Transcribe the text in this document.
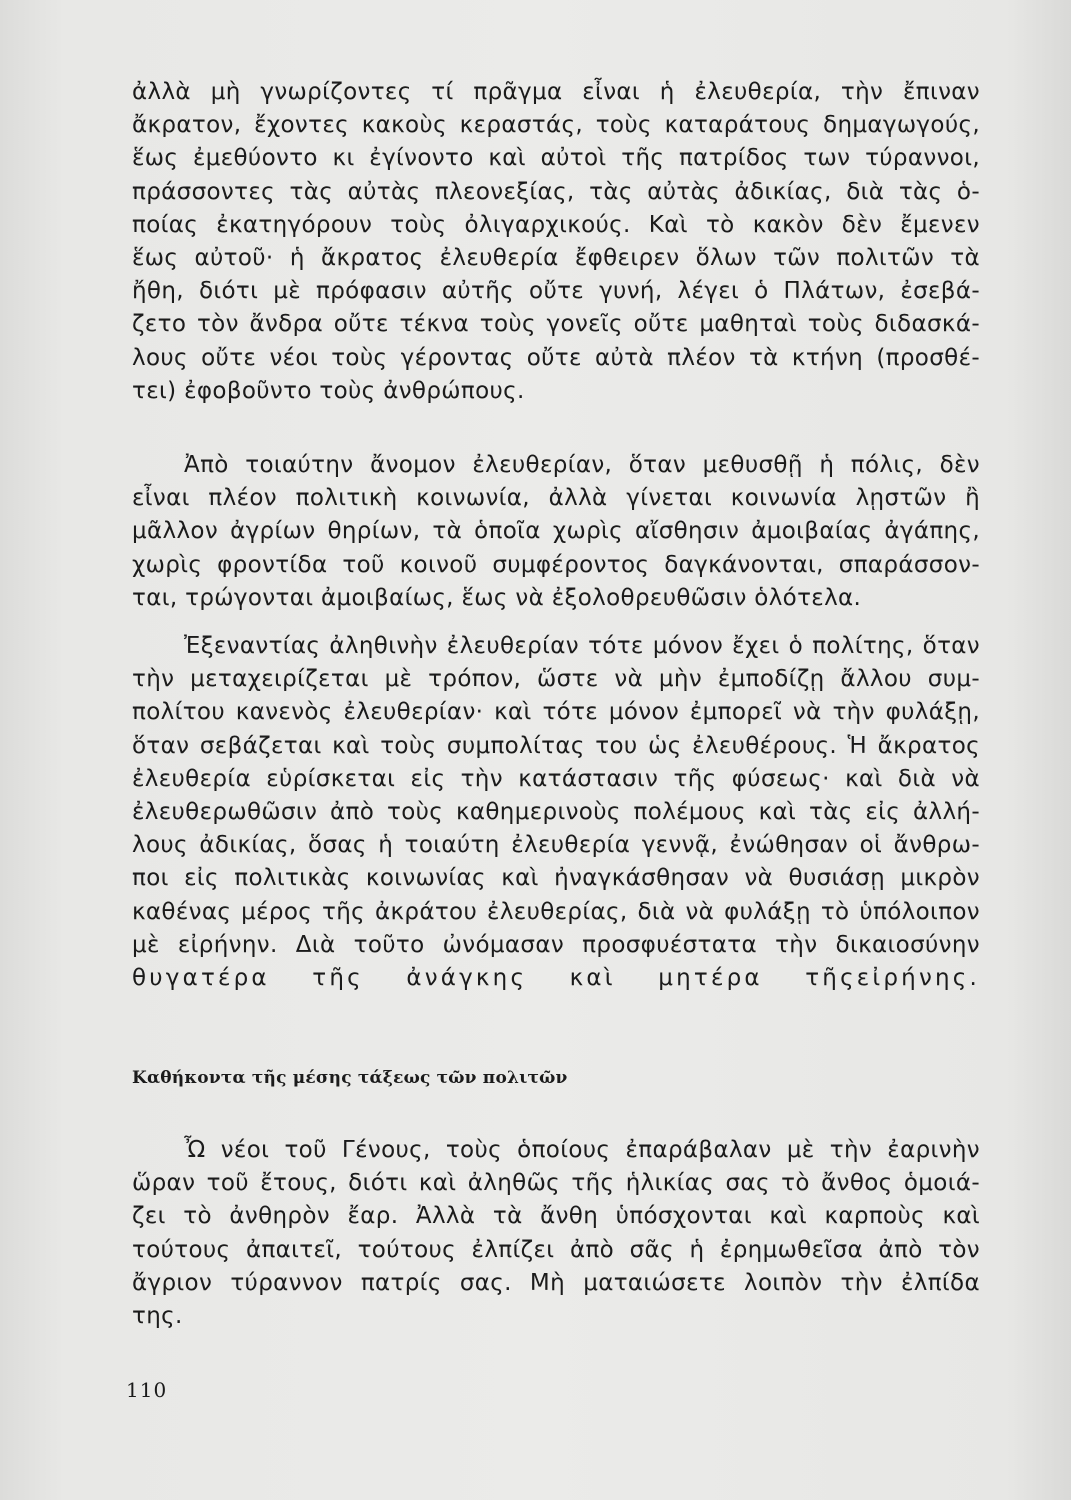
ἀλλὰ μὴ γνωρίζοντες τί πρᾶγμα εἶναι ἡ ἐλευθερία, τὴν ἔπιναν
ἄκρατον, ἔχοντες κακοὺς κεραστάς, τοὺς καταράτους δημαγωγούς,
ἕως ἐμεθύοντο κι ἐγίνοντο καὶ αὐτοὶ τῆς πατρίδος των τύραννοι,
πράσσοντες τὰς αὐτὰς πλεονεξίας, τὰς αὐτὰς ἀδικίας, διὰ τὰς ὁ-
ποίας ἐκατηγόρουν τοὺς ὀλιγαρχικούς. Καὶ τὸ κακὸν δὲν ἔμενεν
ἕως αὐτοῦ· ἡ ἄκρατος ἐλευθερία ἔφθειρεν ὅλων τῶν πολιτῶν τὰ
ἤθη, διότι μὲ πρόφασιν αὐτῆς οὔτε γυνή, λέγει ὁ Πλάτων, ἐσεβά-
ζετο τὸν ἄνδρα οὔτε τέκνα τοὺς γονεῖς οὔτε μαθηταὶ τοὺς διδασκά-
λους οὔτε νέοι τοὺς γέροντας οὔτε αὐτὰ πλέον τὰ κτήνη (προσθέ-
τει) ἐφοβοῦντο τοὺς ἀνθρώπους.
Ἀπὸ τοιαύτην ἄνομον ἐλευθερίαν, ὅταν μεθυσθῇ ἡ πόλις, δὲν
εἶναι πλέον πολιτικὴ κοινωνία, ἀλλὰ γίνεται κοινωνία λῃστῶν ἢ
μᾶλλον ἀγρίων θηρίων, τὰ ὁποῖα χωρὶς αἴσθησιν ἀμοιβαίας ἀγάπης,
χωρὶς φροντίδα τοῦ κοινοῦ συμφέροντος δαγκάνονται, σπαράσσον-
ται, τρώγονται ἀμοιβαίως, ἕως νὰ ἐξολοθρευθῶσιν ὁλότελα.
Ἐξεναντίας ἀληθινὴν ἐλευθερίαν τότε μόνον ἔχει ὁ πολίτης, ὅταν
τὴν μεταχειρίζεται μὲ τρόπον, ὥστε νὰ μὴν ἐμποδίζῃ ἄλλου συμ-
πολίτου κανενὸς ἐλευθερίαν· καὶ τότε μόνον ἐμπορεῖ νὰ τὴν φυλάξῃ,
ὅταν σεβάζεται καὶ τοὺς συμπολίτας του ὡς ἐλευθέρους. Ἡ ἄκρατος
ἐλευθερία εὑρίσκεται εἰς τὴν κατάστασιν τῆς φύσεως· καὶ διὰ νὰ
ἐλευθερωθῶσιν ἀπὸ τοὺς καθημερινοὺς πολέμους καὶ τὰς εἰς ἀλλή-
λους ἀδικίας, ὅσας ἡ τοιαύτη ἐλευθερία γεννᾷ, ἐνώθησαν οἱ ἄνθρω-
ποι εἰς πολιτικὰς κοινωνίας καὶ ἠναγκάσθησαν νὰ θυσιάσῃ μικρὸν
καθένας μέρος τῆς ἀκράτου ἐλευθερίας, διὰ νὰ φυλάξῃ τὸ ὑπόλοιπον
μὲ εἰρήνην. Διὰ τοῦτο ὠνόμασαν προσφυέστατα τὴν δικαιοσύνην
θυγατέρα τῆς ἀνάγκης καὶ μητέρα τῆςεἰρήνης.
Καθήκοντα τῆς μέσης τάξεως τῶν πολιτῶν
Ὦ νέοι τοῦ Γένους, τοὺς ὁποίους ἐπαράβαλαν μὲ τὴν ἐαρινὴν
ὥραν τοῦ ἔτους, διότι καὶ ἀληθῶς τῆς ἡλικίας σας τὸ ἄνθος ὁμοιά-
ζει τὸ ἀνθηρὸν ἔαρ. Ἀλλὰ τὰ ἄνθη ὑπόσχονται καὶ καρποὺς καὶ
τούτους ἀπαιτεῖ, τούτους ἐλπίζει ἀπὸ σᾶς ἡ ἐρημωθεῖσα ἀπὸ τὸν
ἄγριον τύραννον πατρίς σας. Μὴ ματαιώσετε λοιπὸν τὴν ἐλπίδα
της.
110
